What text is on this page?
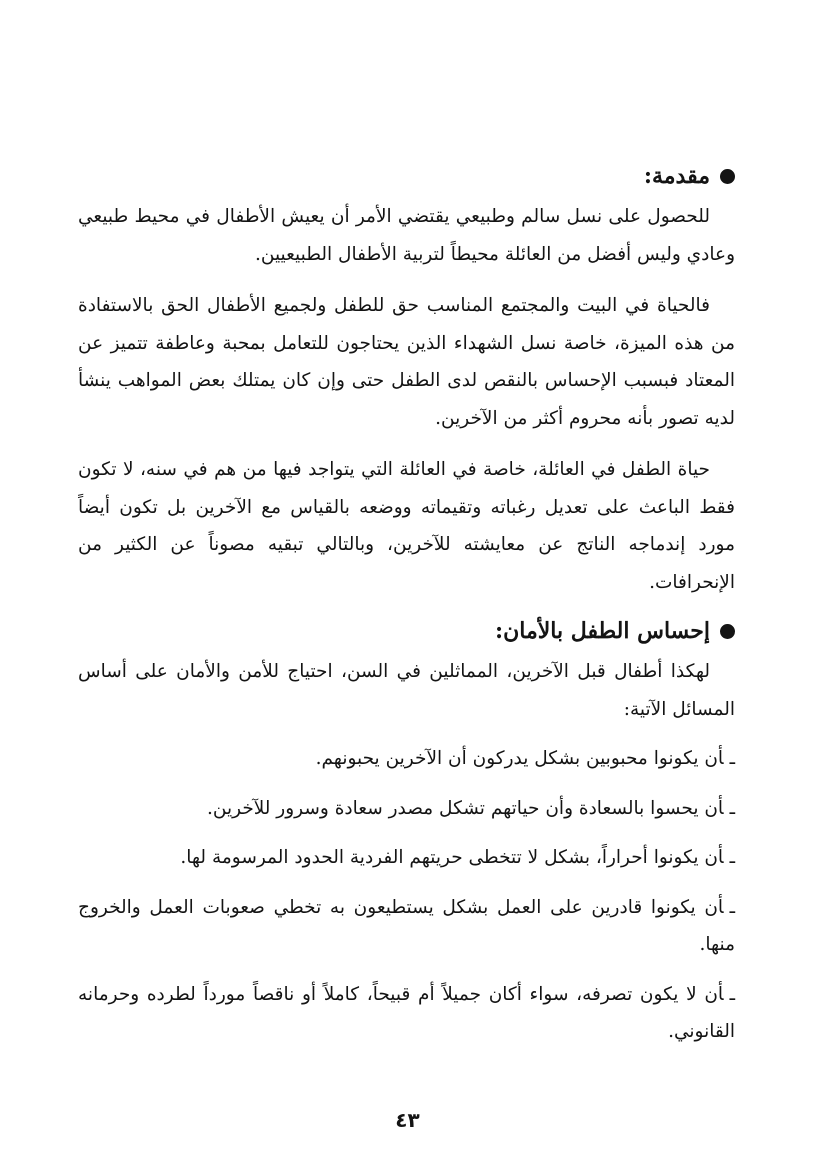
مقدمة:

للحصول على نسل سالم وطبيعي يقتضي الأمر أن يعيش الأطفال في محيط طبيعي وعادي وليس أفضل من العائلة محيطاً لتربية الأطفال الطبيعيين.

فالحياة في البيت والمجتمع المناسب حق للطفل ولجميع الأطفال الحق بالاستفادة من هذه الميزة، خاصة نسل الشهداء الذين يحتاجون للتعامل بمحبة وعاطفة تتميز عن المعتاد فبسبب الإحساس بالنقص لدى الطفل حتى وإن كان يمتلك بعض المواهب ينشأ لديه تصور بأنه محروم أكثر من الآخرين.

حياة الطفل في العائلة، خاصة في العائلة التي يتواجد فيها من هم في سنه، لا تكون فقط الباعث على تعديل رغباته وتقيماته ووضعه بالقياس مع الآخرين بل تكون أيضاً مورد إندماجه الناتج عن معايشته للآخرين، وبالتالي تبقيه مصوناً عن الكثير من الإنحرافات.

إحساس الطفل بالأمان:

لهكذا أطفال قبل الآخرين، المماثلين في السن، احتياج للأمن والأمان على أساس المسائل الآتية:

ـأن يكونوا محبوبين بشكل يدركون أن الآخرين يحبونهم.

ـأن يحسوا بالسعادة وأن حياتهم تشكل مصدر سعادة وسرور للآخرين.

ـأن يكونوا أحراراً، بشكل لا تتخطى حريتهم الفردية الحدود المرسومة لها.

ـأن يكونوا قادرين على العمل بشكل يستطيعون به تخطي صعوبات العمل والخروج منها.

ـأن لا يكون تصرفه، سواء أكان جميلاً أم قبيحاً، كاملاً أو ناقصاً مورداً لطرده وحرمانه القانوني.

٤٣
